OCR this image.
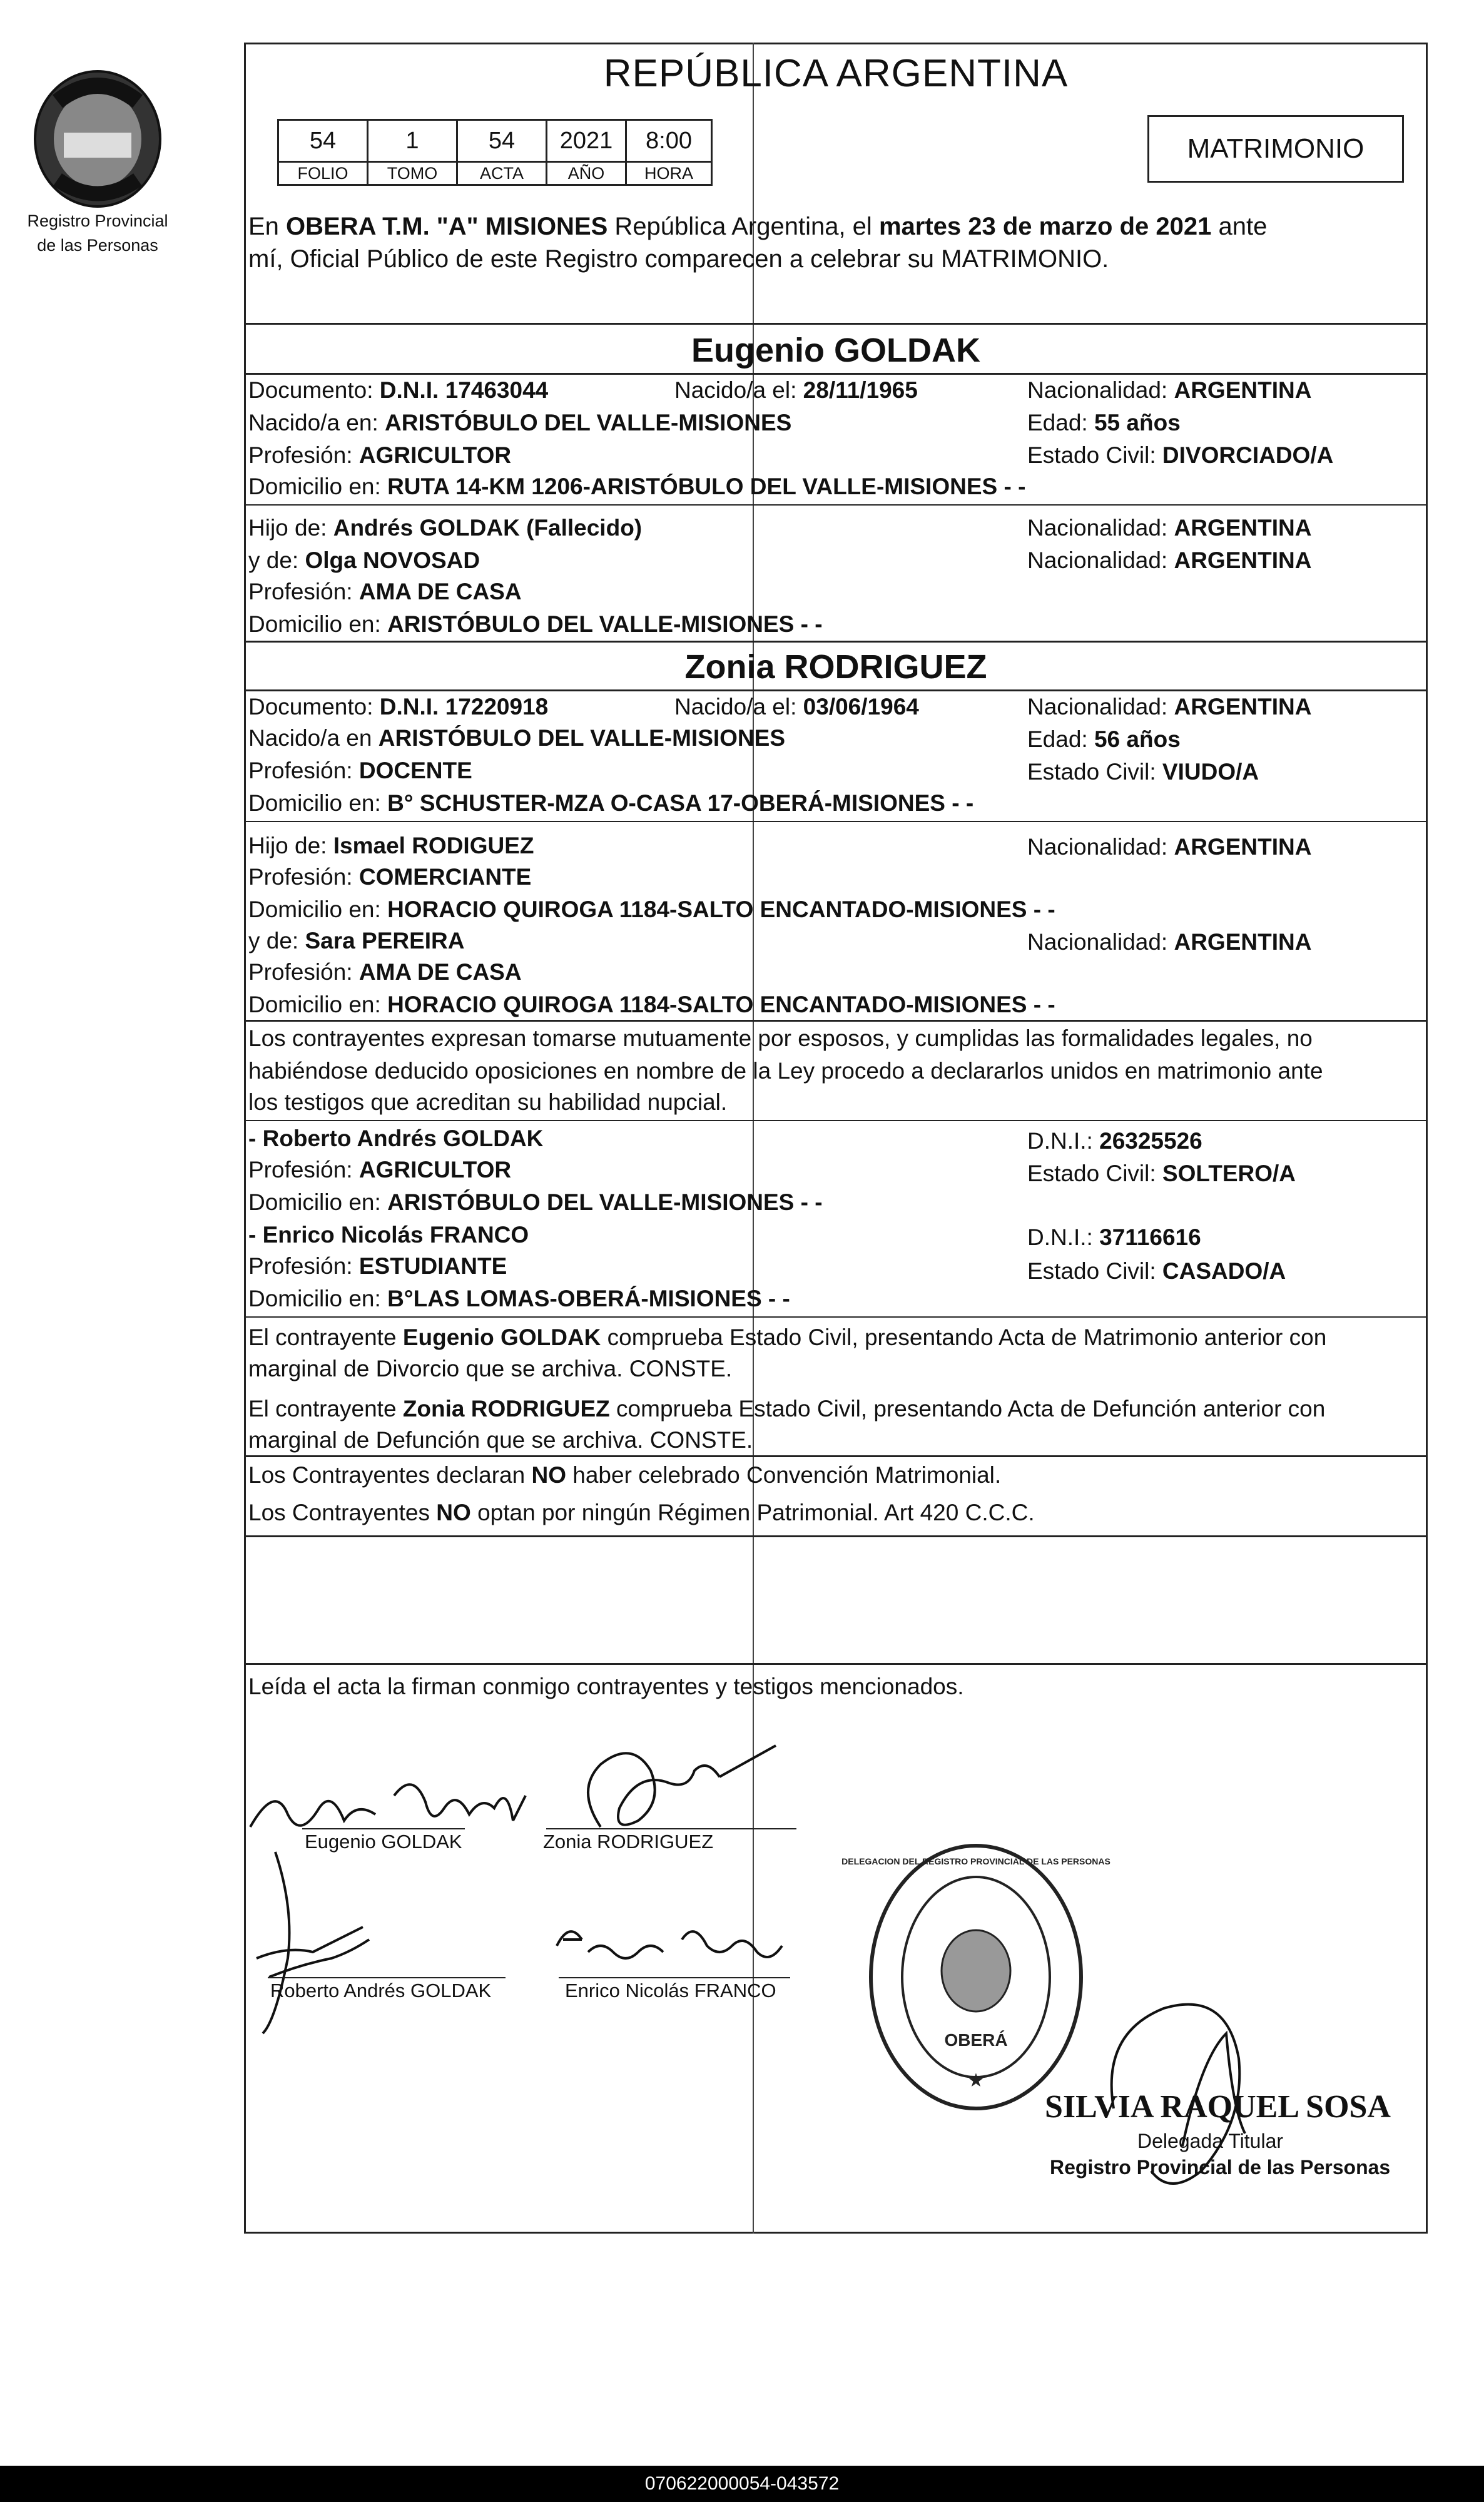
Registro Provincial
de las Personas
REPÚBLICA ARGENTINA
54	1	54	2021	8:00
FOLIO	TOMO	ACTA	AÑO	HORA
MATRIMONIO
En OBERA T.M. "A" MISIONES República Argentina, el martes 23 de marzo de 2021 ante
mí, Oficial Público de este Registro comparecen a celebrar su MATRIMONIO.
Eugenio GOLDAK
Documento: D.N.I. 17463044	Nacido/a el: 28/11/1965	Nacionalidad: ARGENTINA
Nacido/a en: ARISTÓBULO DEL VALLE-MISIONES	Edad: 55 años
Profesión: AGRICULTOR	Estado Civil: DIVORCIADO/A
Domicilio en: RUTA 14-KM 1206-ARISTÓBULO DEL VALLE-MISIONES - -
Hijo de: Andrés GOLDAK (Fallecido)	Nacionalidad: ARGENTINA
y de: Olga NOVOSAD	Nacionalidad: ARGENTINA
Profesión: AMA DE CASA
Domicilio en: ARISTÓBULO DEL VALLE-MISIONES - -
Zonia RODRIGUEZ
Documento: D.N.I. 17220918	Nacido/a el: 03/06/1964	Nacionalidad: ARGENTINA
Nacido/a en ARISTÓBULO DEL VALLE-MISIONES	Edad: 56 años
Profesión: DOCENTE	Estado Civil: VIUDO/A
Domicilio en: B° SCHUSTER-MZA O-CASA 17-OBERÁ-MISIONES - -
Hijo de: Ismael RODIGUEZ	Nacionalidad: ARGENTINA
Profesión: COMERCIANTE
Domicilio en: HORACIO QUIROGA 1184-SALTO ENCANTADO-MISIONES - -
y de: Sara PEREIRA	Nacionalidad: ARGENTINA
Profesión: AMA DE CASA
Domicilio en: HORACIO QUIROGA 1184-SALTO ENCANTADO-MISIONES - -
Los contrayentes expresan tomarse mutuamente por esposos, y cumplidas las formalidades legales, no
habiéndose deducido oposiciones en nombre de la Ley procedo a declararlos unidos en matrimonio ante
los testigos que acreditan su habilidad nupcial.
- Roberto Andrés GOLDAK	D.N.I.: 26325526
Profesión: AGRICULTOR	Estado Civil: SOLTERO/A
Domicilio en: ARISTÓBULO DEL VALLE-MISIONES - -
- Enrico Nicolás FRANCO	D.N.I.: 37116616
Profesión: ESTUDIANTE	Estado Civil: CASADO/A
Domicilio en: B°LAS LOMAS-OBERÁ-MISIONES - -
El contrayente Eugenio GOLDAK comprueba Estado Civil, presentando Acta de Matrimonio anterior con
marginal de Divorcio que se archiva. CONSTE.
El contrayente Zonia RODRIGUEZ comprueba Estado Civil, presentando Acta de Defunción anterior con
marginal de Defunción que se archiva. CONSTE.
Los Contrayentes declaran NO haber celebrado Convención Matrimonial.
Los Contrayentes NO optan por ningún Régimen Patrimonial. Art 420 C.C.C.
Leída el acta la firman conmigo contrayentes y testigos mencionados.
Eugenio GOLDAK	Zonia RODRIGUEZ
Roberto Andrés GOLDAK	Enrico Nicolás FRANCO
OBERÁ
DELEGACION DEL REGISTRO PROVINCIAL DE LAS PERSONAS
★
SILVIA RAQUEL SOSA
Delegada Titular
Registro Provincial de las Personas
070622000054-043572
